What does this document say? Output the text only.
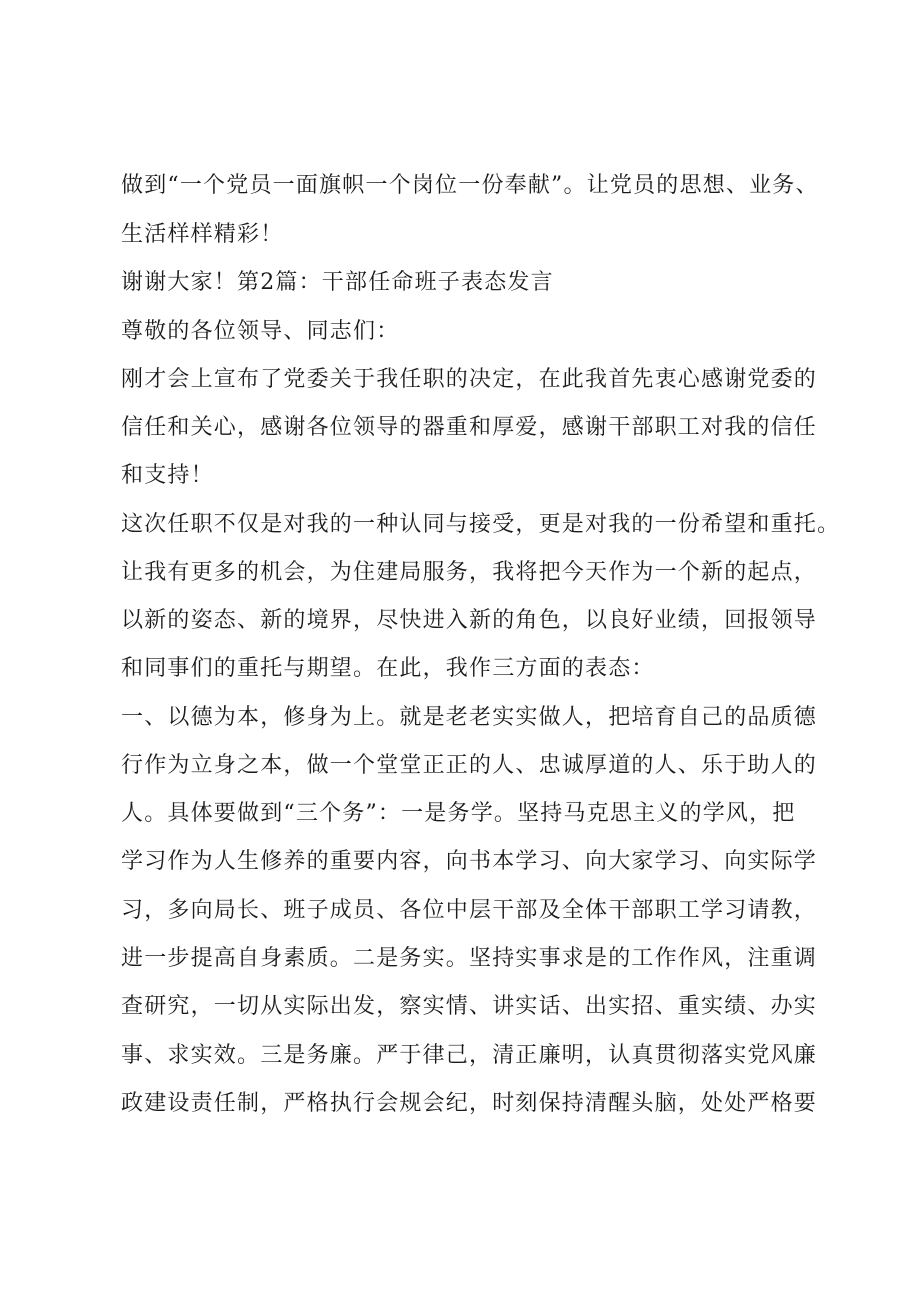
做到“一个党员一面旗帜一个岗位一份奉献”。让党员的思想、业务、
生活样样精彩！
谢谢大家！第2篇：干部任命班子表态发言
尊敬的各位领导、同志们：
刚才会上宣布了党委关于我任职的决定，在此我首先衷心感谢党委的
信任和关心，感谢各位领导的器重和厚爱，感谢干部职工对我的信任
和支持！
这次任职不仅是对我的一种认同与接受，更是对我的一份希望和重托。
让我有更多的机会，为住建局服务，我将把今天作为一个新的起点，
以新的姿态、新的境界，尽快进入新的角色，以良好业绩，回报领导
和同事们的重托与期望。在此，我作三方面的表态：
一、以德为本，修身为上。就是老老实实做人，把培育自己的品质德
行作为立身之本，做一个堂堂正正的人、忠诚厚道的人、乐于助人的
人。具体要做到“三个务”：一是务学。坚持马克思主义的学风，把
学习作为人生修养的重要内容，向书本学习、向大家学习、向实际学
习，多向局长、班子成员、各位中层干部及全体干部职工学习请教，
进一步提高自身素质。二是务实。坚持实事求是的工作作风，注重调
查研究，一切从实际出发，察实情、讲实话、出实招、重实绩、办实
事、求实效。三是务廉。严于律己，清正廉明，认真贯彻落实党风廉
政建设责任制，严格执行会规会纪，时刻保持清醒头脑，处处严格要
